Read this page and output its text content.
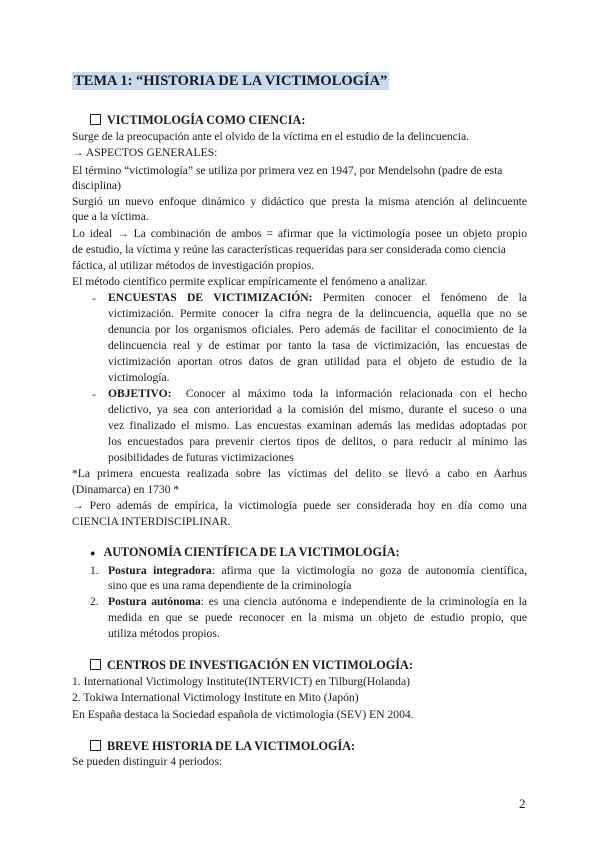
TEMA 1: “HISTORIA DE LA VICTIMOLOGÍA”
VICTIMOLOGÍA COMO CIENCIA:
Surge de la preocupación ante el olvido de la víctima en el estudio de la delincuencia.
→ ASPECTOS GENERALES:
El término “victimología” se utiliza por primera vez en 1947, por Mendelsohn (padre de esta
disciplina)
Surgió un nuevo enfoque dinámico y didáctico que presta la misma atención al delincuente
que a la víctima.
Lo ideal → La combinación de ambos = afirmar que la victimología posee un objeto propio
de estudio, la víctima y reúne las características requeridas para ser considerada como ciencia
fáctica, al utilizar métodos de investigación propios.
El método científico permite explicar empíricamente el fenómeno a analizar.
- ENCUESTAS DE VICTIMIZACIÓN: Permiten conocer el fenómeno de la
victimización. Permite conocer la cifra negra de la delincuencia, aquella que no se
denuncia por los organismos oficiales. Pero además de facilitar el conocimiento de la
delincuencia real y de estimar por tanto la tasa de victimización, las encuestas de
victimización aportan otros datos de gran utilidad para el objeto de estudio de la
victimología.
- OBJETIVO: Conocer al máximo toda la información relacionada con el hecho
delictivo, ya sea con anterioridad a la comisión del mismo, durante el suceso o una
vez finalizado el mismo. Las encuestas examinan además las medidas adoptadas por
los encuestados para prevenir ciertos tipos de delitos, o para reducir al mínimo las
posibilidades de futuras victimizaciones
*La primera encuesta realizada sobre las víctimas del delito se llevó a cabo en Aarhus
(Dinamarca) en 1730 *
→ Pero además de empírica, la victimología puede ser considerada hoy en día como una
CIENCIA INTERDISCIPLINAR.
● AUTONOMÍA CIENTÍFICA DE LA VICTIMOLOGÍA:
1. Postura integradora: afirma que la victimología no goza de autonomía científica,
sino que es una rama dependiente de la criminología
2. Postura autónoma: es una ciencia autónoma e independiente de la criminología en la
medida en que se puede reconocer en la misma un objeto de estudio propio, que
utiliza métodos propios.
CENTROS DE INVESTIGACIÓN EN VICTIMOLOGÍA:
1. International Victimology Institute(INTERVICT) en Tilburg(Holanda)
2. Tokiwa International Victimology Institute en Mito (Japón)
En España destaca la Sociedad española de victimología (SEV) EN 2004.
BREVE HISTORIA DE LA VICTIMOLOGÍA:
Se pueden distinguir 4 periodos:
2
